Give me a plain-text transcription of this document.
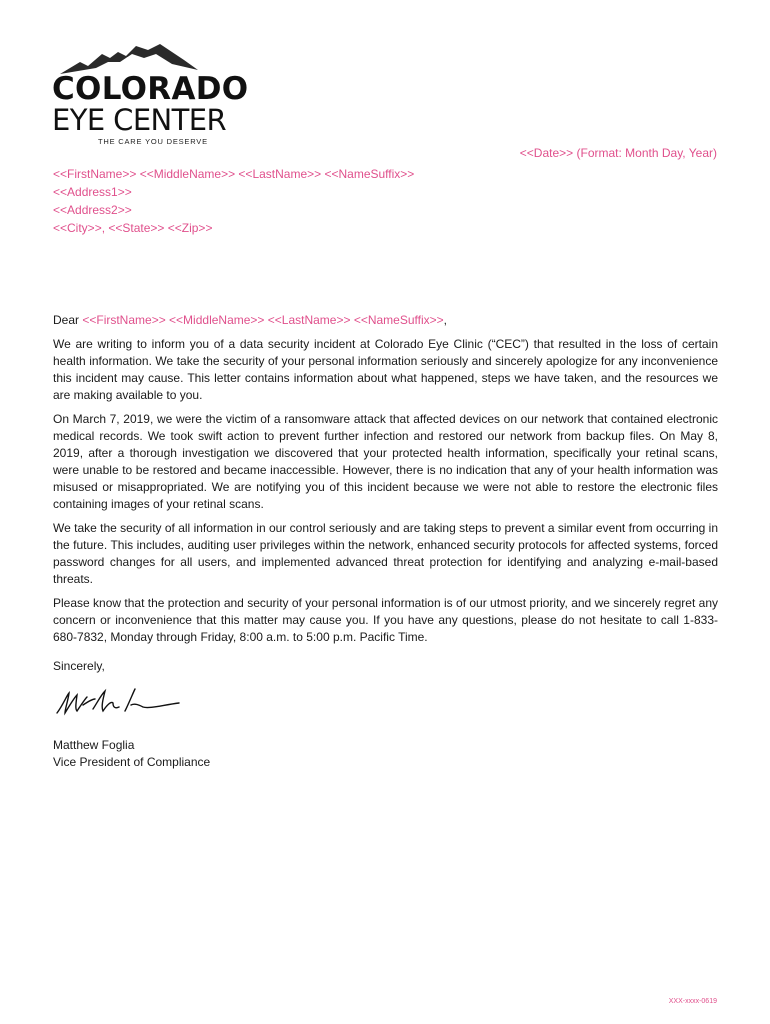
COLORADO
EYE CENTER
THE CARE YOU DESERVE
<<Date>> (Format: Month Day, Year)
<<FirstName>> <<MiddleName>> <<LastName>> <<NameSuffix>>
<<Address1>>
<<Address2>>
<<City>>, <<State>> <<Zip>>

Dear <<FirstName>> <<MiddleName>> <<LastName>> <<NameSuffix>>,

We are writing to inform you of a data security incident at Colorado Eye Clinic (“CEC”) that resulted in the loss of certain health information. We take the security of your personal information seriously and sincerely apologize for any inconvenience this incident may cause. This letter contains information about what happened, steps we have taken, and the resources we are making available to you.

On March 7, 2019, we were the victim of a ransomware attack that affected devices on our network that contained electronic medical records. We took swift action to prevent further infection and restored our network from backup files. On May 8, 2019, after a thorough investigation we discovered that your protected health information, specifically your retinal scans, were unable to be restored and became inaccessible. However, there is no indication that any of your health information was misused or misappropriated. We are notifying you of this incident because we were not able to restore the electronic files containing images of your retinal scans.

We take the security of all information in our control seriously and are taking steps to prevent a similar event from occurring in the future. This includes, auditing user privileges within the network, enhanced security protocols for affected systems, forced password changes for all users, and implemented advanced threat protection for identifying and analyzing e-mail-based threats.

Please know that the protection and security of your personal information is of our utmost priority, and we sincerely regret any concern or inconvenience that this matter may cause you. If you have any questions, please do not hesitate to call 1-833-680-7832, Monday through Friday, 8:00 a.m. to 5:00 p.m. Pacific Time.

Sincerely,
Matthew Foglia
Vice President of Compliance
XXX-xxxx-0619
